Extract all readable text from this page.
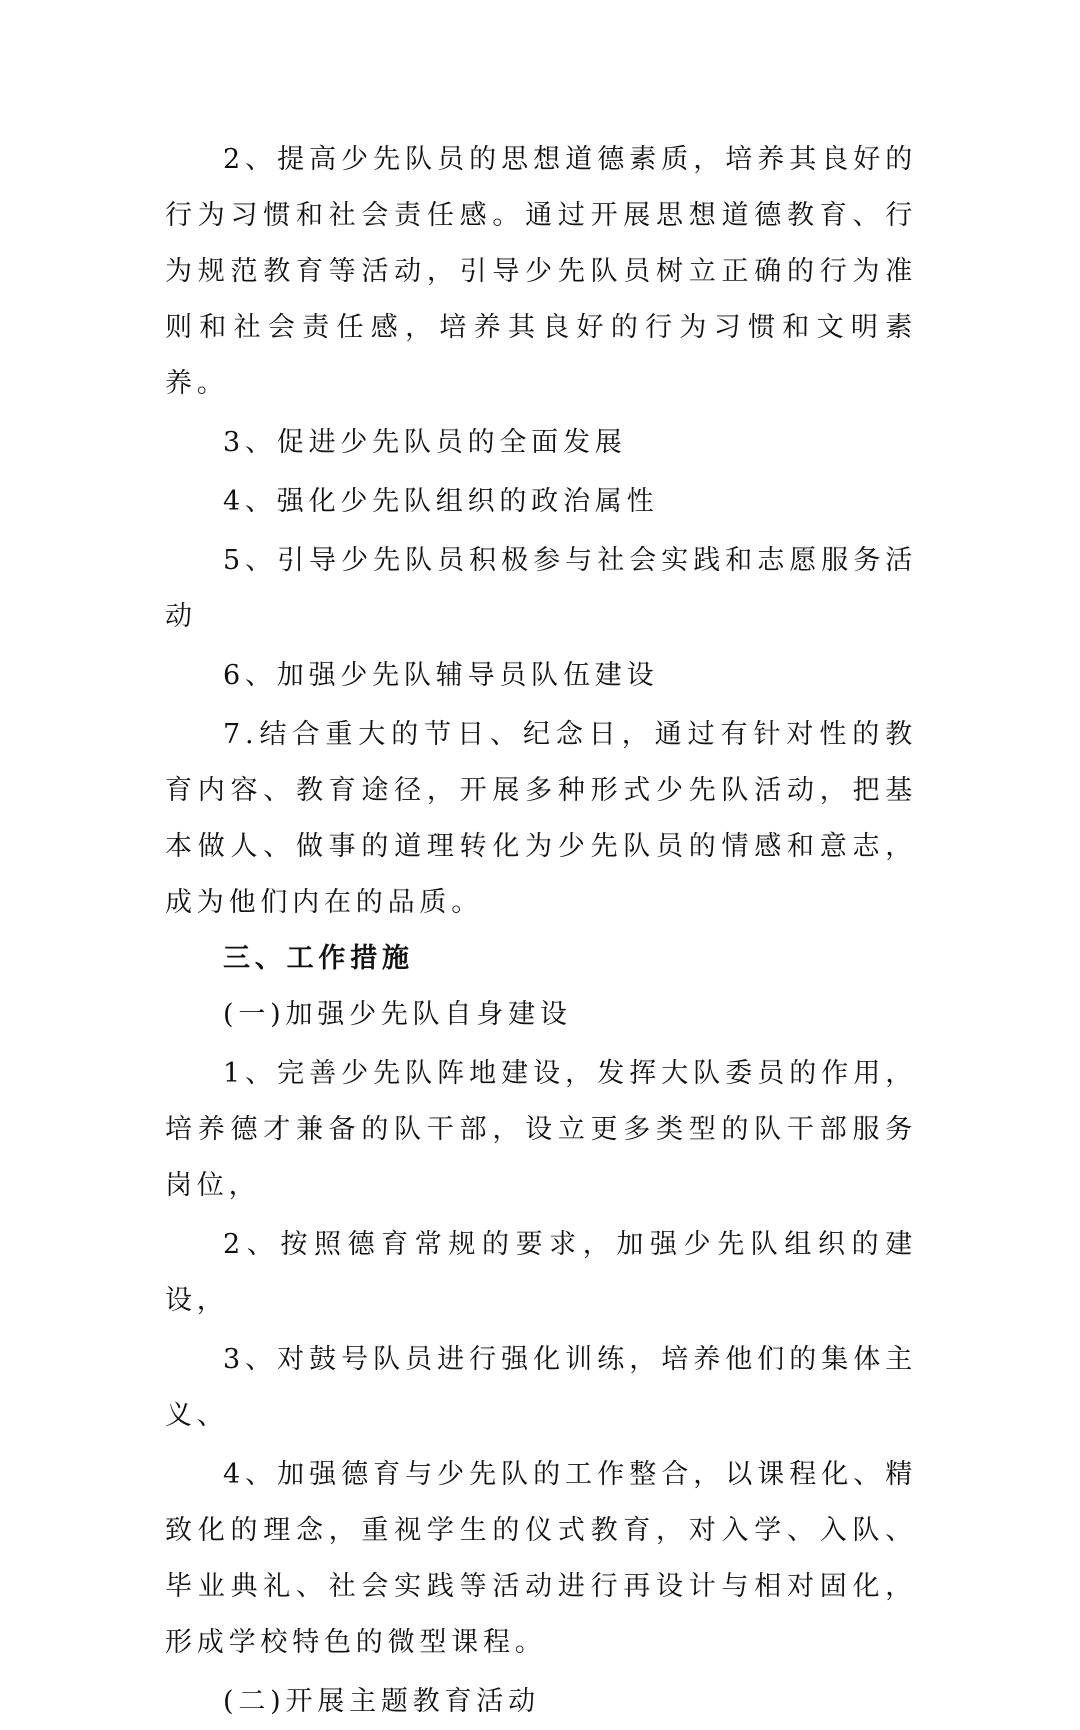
2、提高少先队员的思想道德素质，培养其良好的行为习惯和社会责任感。通过开展思想道德教育、行为规范教育等活动，引导少先队员树立正确的行为准则和社会责任感，培养其良好的行为习惯和文明素养。

3、促进少先队员的全面发展

4、强化少先队组织的政治属性

5、引导少先队员积极参与社会实践和志愿服务活动

6、加强少先队辅导员队伍建设

7.结合重大的节日、纪念日，通过有针对性的教育内容、教育途径，开展多种形式少先队活动，把基本做人、做事的道理转化为少先队员的情感和意志，成为他们内在的品质。

三、工作措施

(一)加强少先队自身建设

1、完善少先队阵地建设，发挥大队委员的作用，培养德才兼备的队干部，设立更多类型的队干部服务岗位，

2、按照德育常规的要求，加强少先队组织的建设，

3、对鼓号队员进行强化训练，培养他们的集体主义、

4、加强德育与少先队的工作整合，以课程化、精致化的理念，重视学生的仪式教育，对入学、入队、毕业典礼、社会实践等活动进行再设计与相对固化，形成学校特色的微型课程。

(二)开展主题教育活动
